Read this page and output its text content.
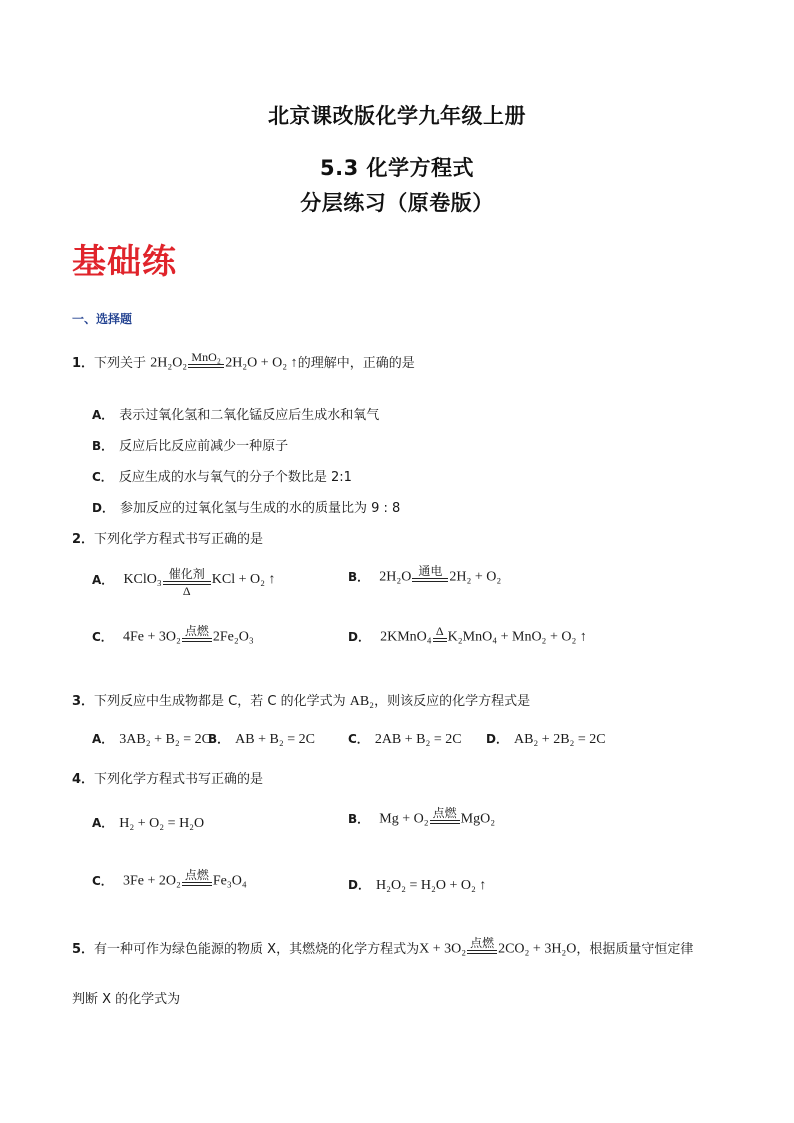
北京课改版化学九年级上册
5.3 化学方程式
分层练习（原卷版）
基础练
一、选择题
1．下列关于 2H₂O₂ MnO₂ 2H₂O + O₂ ↑的理解中，正确的是
A． 表示过氧化氢和二氧化锰反应后生成水和氧气
B． 反应后比反应前减少一种原子
C． 反应生成的水与氧气的分子个数比是 2:1
D． 参加反应的过氧化氢与生成的水的质量比为 9 : 8
2．下列化学方程式书写正确的是
A． KClO₃ 催化剂
Δ
KCl + O₂ ↑	B． 2H₂O 通电 2H₂ + O₂
C． 4Fe + 3O₂ 点燃 2Fe₂O₃	D． 2KMnO₄ Δ K₂MnO₄ + MnO₂ + O₂ ↑
3．下列反应中生成物都是 C，若 C 的化学式为 AB₂，则该反应的化学方程式是
A． 3AB₂ + B₂ = 2C
B． AB + B₂ = 2C	C． 2AB + B₂ = 2C D． AB₂ + 2B₂ = 2C
4．下列化学方程式书写正确的是
A． H₂ + O₂ = H₂O	B． Mg + O₂ 点燃 MgO₂
C． 3Fe + 2O₂ 点燃 Fe₃O₄	D． H₂O₂ = H₂O + O₂ ↑
5．有一种可作为绿色能源的物质 X，其燃烧的化学方程式为X + 3O₂ 点燃 2CO₂ + 3H₂O，根据质量守恒定律
判断 X 的化学式为
